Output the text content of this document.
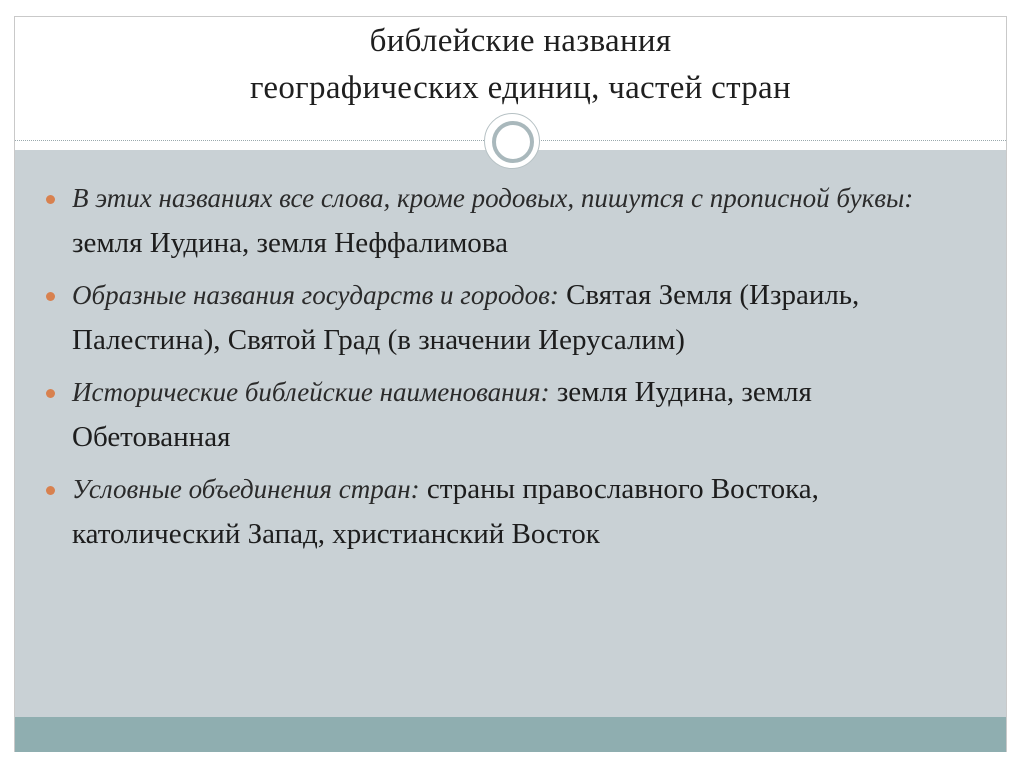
библейские названия
географических единиц, частей стран
В этих названиях все слова, кроме родовых, пишутся с прописной буквы: земля Иудина, земля Неффалимова
Образные названия государств и городов: Святая Земля (Израиль, Палестина), Святой Град (в значении Иерусалим)
Исторические библейские наименования: земля Иудина, земля Обетованная
Условные объединения стран: страны православного Востока, католический Запад, христианский Восток
